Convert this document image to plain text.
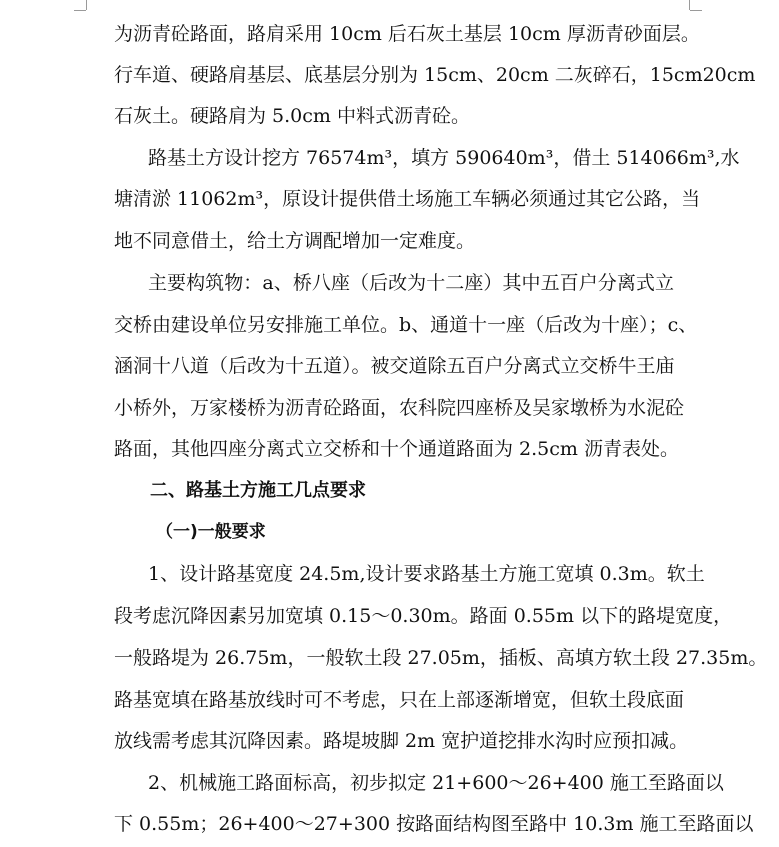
为沥青砼路面，路肩采用 10cm 后石灰土基层 10cm 厚沥青砂面层。
行车道、硬路肩基层、底基层分别为 15cm、20cm 二灰碎石，15cm20cm
石灰土。硬路肩为 5.0cm 中料式沥青砼。
路基土方设计挖方 76574m³，填方 590640m³，借土 514066m³,水
塘清淤 11062m³，原设计提供借土场施工车辆必须通过其它公路，当
地不同意借土，给土方调配增加一定难度。
主要构筑物：a、桥八座（后改为十二座）其中五百户分离式立
交桥由建设单位另安排施工单位。b、通道十一座（后改为十座）；c、
涵洞十八道（后改为十五道）。被交道除五百户分离式立交桥牛王庙
小桥外，万家楼桥为沥青砼路面，农科院四座桥及吴家墩桥为水泥砼
路面，其他四座分离式立交桥和十个通道路面为 2.5cm 沥青表处。
二、路基土方施工几点要求
（一)一般要求
1、设计路基宽度 24.5m,设计要求路基土方施工宽填 0.3m。软土
段考虑沉降因素另加宽填 0.15～0.30m。路面 0.55m 以下的路堤宽度，
一般路堤为 26.75m，一般软土段 27.05m，插板、高填方软土段 27.35m。
路基宽填在路基放线时可不考虑，只在上部逐渐增宽，但软土段底面
放线需考虑其沉降因素。路堤坡脚 2m 宽护道挖排水沟时应预扣减。
2、机械施工路面标高，初步拟定 21+600～26+400 施工至路面以
下 0.55m；26+400～27+300 按路面结构图至路中 10.3m 施工至路面以
